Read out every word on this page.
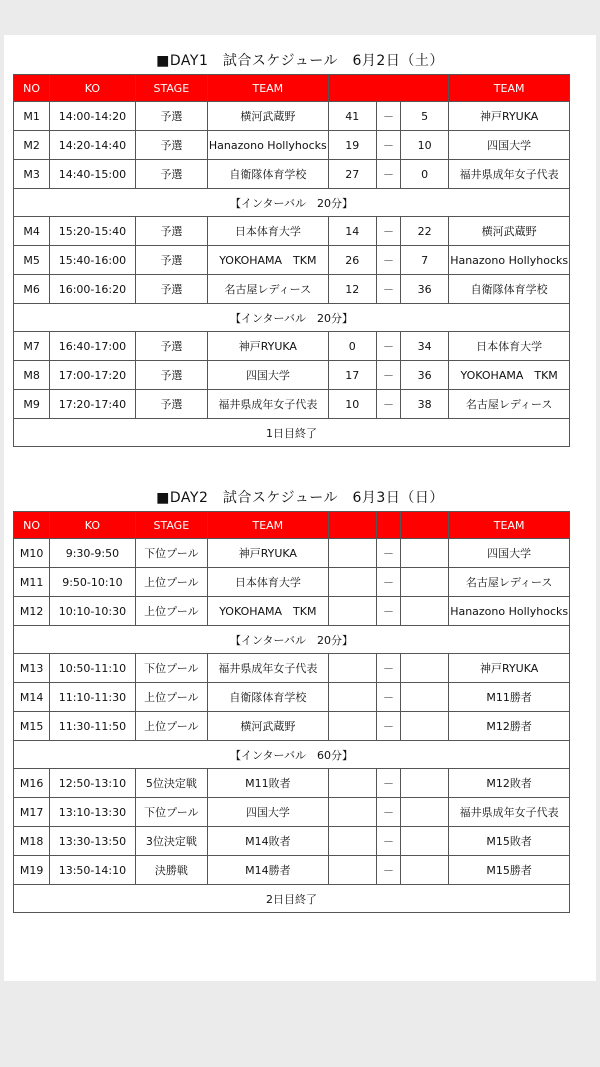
■DAY1　試合スケジュール　6月2日（土）
NO	KO	STAGE	TEAM				TEAM
M1	14:00-14:20	予選	横河武蔵野	41	－	5	神戸RYUKA
M2	14:20-14:40	予選	Hanazono Hollyhocks	19	－	10	四国大学
M3	14:40-15:00	予選	自衛隊体育学校	27	－	0	福井県成年女子代表
【インターバル　20分】							
M4	15:20-15:40	予選	日本体育大学	14	－	22	横河武蔵野
M5	15:40-16:00	予選	YOKOHAMA　TKM	26	－	7	Hanazono Hollyhocks
M6	16:00-16:20	予選	名古屋レディース	12	－	36	自衛隊体育学校
【インターバル　20分】							
M7	16:40-17:00	予選	神戸RYUKA	0	－	34	日本体育大学
M8	17:00-17:20	予選	四国大学	17	－	36	YOKOHAMA　TKM
M9	17:20-17:40	予選	福井県成年女子代表	10	－	38	名古屋レディース
1日目終了							
■DAY2　試合スケジュール　6月3日（日）
NO	KO	STAGE	TEAM				TEAM
M10	9:30-9:50	下位プール	神戸RYUKA		－		四国大学
M11	9:50-10:10	上位プール	日本体育大学		－		名古屋レディース
M12	10:10-10:30	上位プール	YOKOHAMA　TKM		－		Hanazono Hollyhocks
【インターバル　20分】							
M13	10:50-11:10	下位プール	福井県成年女子代表		－		神戸RYUKA
M14	11:10-11:30	上位プール	自衛隊体育学校		－		M11勝者
M15	11:30-11:50	上位プール	横河武蔵野		－		M12勝者
【インターバル　60分】							
M16	12:50-13:10	5位決定戦	M11敗者		－		M12敗者
M17	13:10-13:30	下位プール	四国大学		－		福井県成年女子代表
M18	13:30-13:50	3位決定戦	M14敗者		－		M15敗者
M19	13:50-14:10	決勝戦	M14勝者		－		M15勝者
2日目終了							
